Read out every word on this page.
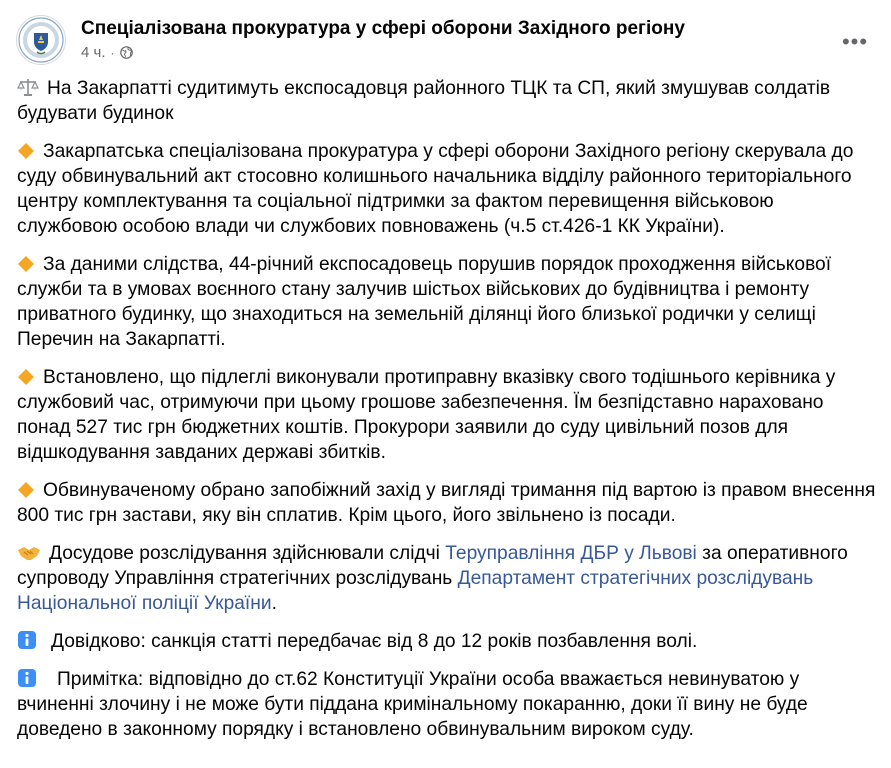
Спеціалізована прокуратура у сфері оборони Західного регіону
4 ч. ·	•••

На Закарпатті судитимуть експосадовця районного ТЦК та СП, який змушував солдатів будувати будинок

Закарпатська спеціалізована прокуратура у сфері оборони Західного регіону скерувала до суду обвинувальний акт стосовно колишнього начальника відділу районного територіального центру комплектування та соціальної підтримки за фактом перевищення військовою службовою особою влади чи службових повноважень (ч.5 ст.426-1 КК України).

За даними слідства, 44-річний експосадовець порушив порядок проходження військової служби та в умовах воєнного стану залучив шістьох військових до будівництва і ремонту приватного будинку, що знаходиться на земельній ділянці його близької родички у селищі Перечин на Закарпатті.

Встановлено, що підлеглі виконували протиправну вказівку свого тодішнього керівника у службовий час, отримуючи при цьому грошове забезпечення. Їм безпідставно нараховано понад 527 тис грн бюджетних коштів. Прокурори заявили до суду цивільний позов для відшкодування завданих державі збитків.

Обвинуваченому обрано запобіжний захід у вигляді тримання під вартою із правом внесення 800 тис грн застави, яку він сплатив. Крім цього, його звільнено із посади.

Досудове розслідування здійснювали слідчі Теруправління ДБР у Львові за оперативного супроводу Управління стратегічних розслідувань Департамент стратегічних розслідувань Національної поліції України.

Довідково: санкція статті передбачає від 8 до 12 років позбавлення волі.

Примітка: відповідно до ст.62 Конституції України особа вважається невинуватою у вчиненні злочину і не може бути піддана кримінальному покаранню, доки її вину не буде доведено в законному порядку і встановлено обвинувальним вироком суду.
